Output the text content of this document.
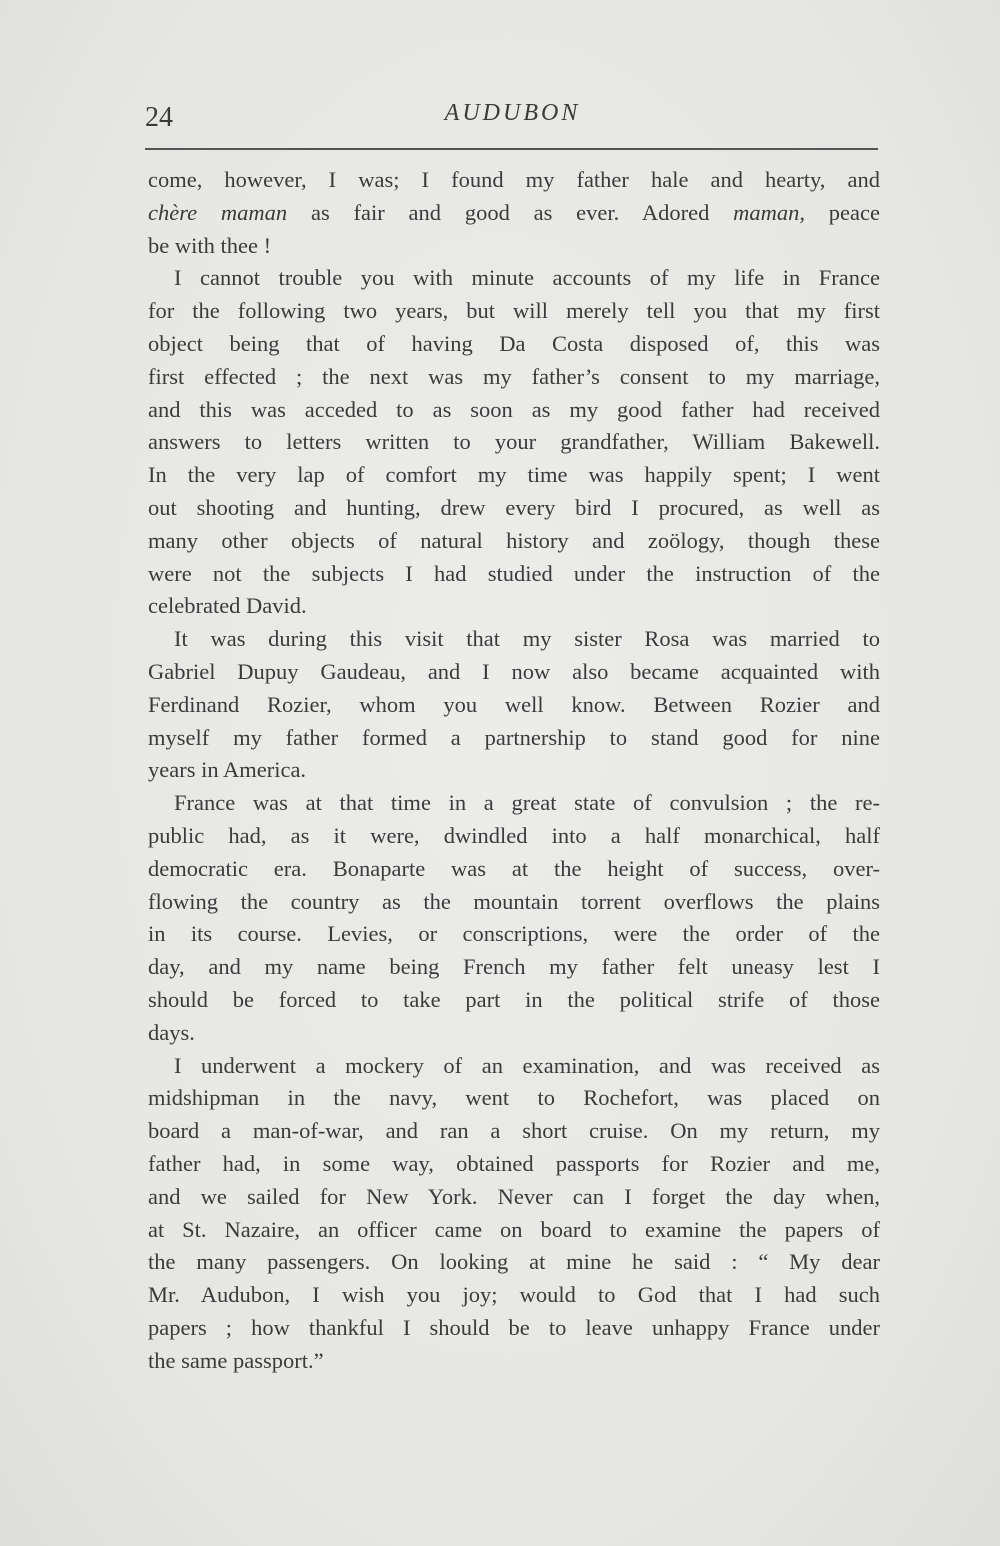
24	AUDUBON
come, however, I was; I found my father hale and hearty, and
chère maman as fair and good as ever. Adored maman, peace
be with thee !
I cannot trouble you with minute accounts of my life in France
for the following two years, but will merely tell you that my first
object being that of having Da Costa disposed of, this was
first effected ; the next was my father’s consent to my marriage,
and this was acceded to as soon as my good father had received
answers to letters written to your grandfather, William Bakewell.
In the very lap of comfort my time was happily spent; I went
out shooting and hunting, drew every bird I procured, as well as
many other objects of natural history and zoölogy, though these
were not the subjects I had studied under the instruction of the
celebrated David.
It was during this visit that my sister Rosa was married to
Gabriel Dupuy Gaudeau, and I now also became acquainted with
Ferdinand Rozier, whom you well know. Between Rozier and
myself my father formed a partnership to stand good for nine
years in America.
France was at that time in a great state of convulsion ; the re-
public had, as it were, dwindled into a half monarchical, half
democratic era. Bonaparte was at the height of success, over-
flowing the country as the mountain torrent overflows the plains
in its course. Levies, or conscriptions, were the order of the
day, and my name being French my father felt uneasy lest I
should be forced to take part in the political strife of those
days.
I underwent a mockery of an examination, and was received as
midshipman in the navy, went to Rochefort, was placed on
board a man-of-war, and ran a short cruise. On my return, my
father had, in some way, obtained passports for Rozier and me,
and we sailed for New York. Never can I forget the day when,
at St. Nazaire, an officer came on board to examine the papers of
the many passengers. On looking at mine he said : “ My dear
Mr. Audubon, I wish you joy; would to God that I had such
papers ; how thankful I should be to leave unhappy France under
the same passport.”
